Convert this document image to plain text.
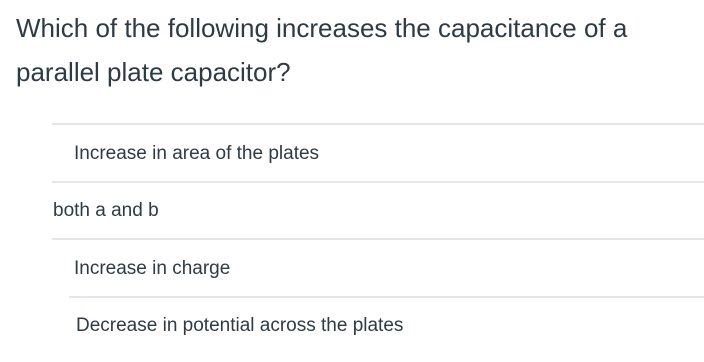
Which of the following increases the capacitance of a parallel plate capacitor?
Increase in area of the plates
both a and b
Increase in charge
Decrease in potential across the plates
